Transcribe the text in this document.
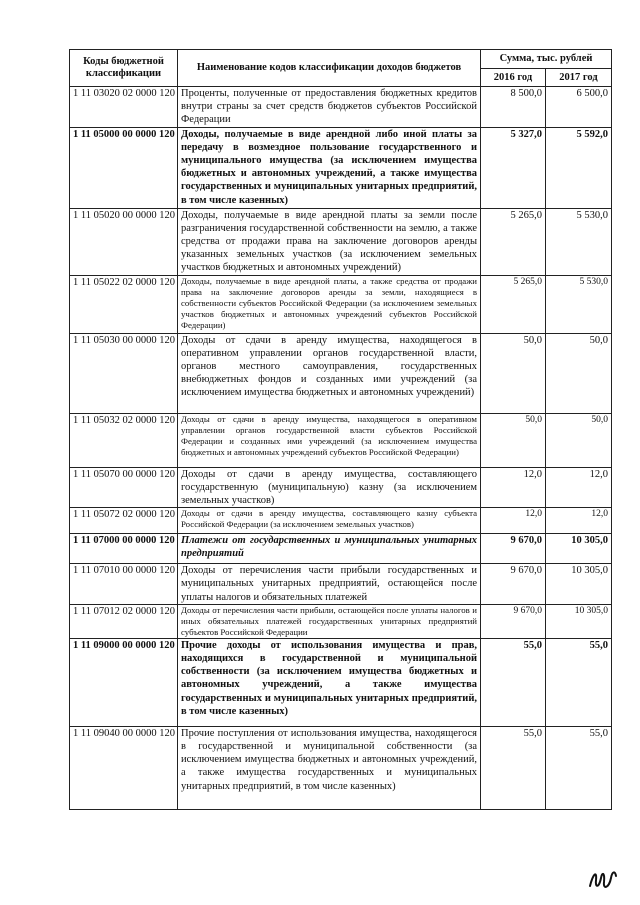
Коды бюджетной классификации	Наименование кодов классификации доходов бюджетов	Сумма, тыс. рублей	
		2016 год	2017 год
1 11 03020 02 0000 120	Проценты, полученные от предоставления бюджетных кредитов внутри страны за счет средств бюджетов субъектов Российской Федерации	8 500,0	6 500,0
1 11 05000 00 0000 120	Доходы, получаемые в виде арендной либо иной платы за передачу в возмездное пользование государственного и муниципального имущества (за исключением имущества бюджетных и автономных учреждений, а также имущества государственных и муниципальных унитарных предприятий, в том числе казенных)	5 327,0	5 592,0
1 11 05020 00 0000 120	Доходы, получаемые в виде арендной платы за земли после разграничения государственной собственности на землю, а также средства от продажи права на заключение договоров аренды указанных земельных участков (за исключением земельных участков бюджетных и автономных учреждений)	5 265,0	5 530,0
1 11 05022 02 0000 120	Доходы, получаемые в виде арендной платы, а также средства от продажи права на заключение договоров аренды за земли, находящиеся в собственности субъектов Российской Федерации (за исключением земельных участков бюджетных и автономных учреждений субъектов Российской Федерации)	5 265,0	5 530,0
1 11 05030 00 0000 120	Доходы от сдачи в аренду имущества, находящегося в оперативном управлении органов государственной власти, органов местного самоуправления, государственных внебюджетных фондов и созданных ими учреждений (за исключением имущества бюджетных и автономных учреждений)	50,0	50,0
1 11 05032 02 0000 120	Доходы от сдачи в аренду имущества, находящегося в оперативном управлении органов государственной власти субъектов Российской Федерации и созданных ими учреждений (за исключением имущества бюджетных и автономных учреждений субъектов Российской Федерации)	50,0	50,0
1 11 05070 00 0000 120	Доходы от сдачи в аренду имущества, составляющего государственную (муниципальную) казну (за исключением земельных участков)	12,0	12,0
1 11 05072 02 0000 120	Доходы от сдачи в аренду имущества, составляющего казну субъекта Российской Федерации (за исключением земельных участков)	12,0	12,0
1 11 07000 00 0000 120	Платежи от государственных и муниципальных унитарных предприятий	9 670,0	10 305,0
1 11 07010 00 0000 120	Доходы от перечисления части прибыли государственных и муниципальных унитарных предприятий, остающейся после уплаты налогов и обязательных платежей	9 670,0	10 305,0
1 11 07012 02 0000 120	Доходы от перечисления части прибыли, остающейся после уплаты налогов и иных обязательных платежей государственных унитарных предприятий субъектов Российской Федерации	9 670,0	10 305,0
1 11 09000 00 0000 120	Прочие доходы от использования имущества и прав, находящихся в государственной и муниципальной собственности (за исключением имущества бюджетных и автономных учреждений, а также имущества государственных и муниципальных унитарных предприятий, в том числе казенных)	55,0	55,0
1 11 09040 00 0000 120	Прочие поступления от использования имущества, находящегося в государственной и муниципальной собственности (за исключением имущества бюджетных и автономных учреждений, а также имущества государственных и муниципальных унитарных предприятий, в том числе казенных)	55,0	55,0
